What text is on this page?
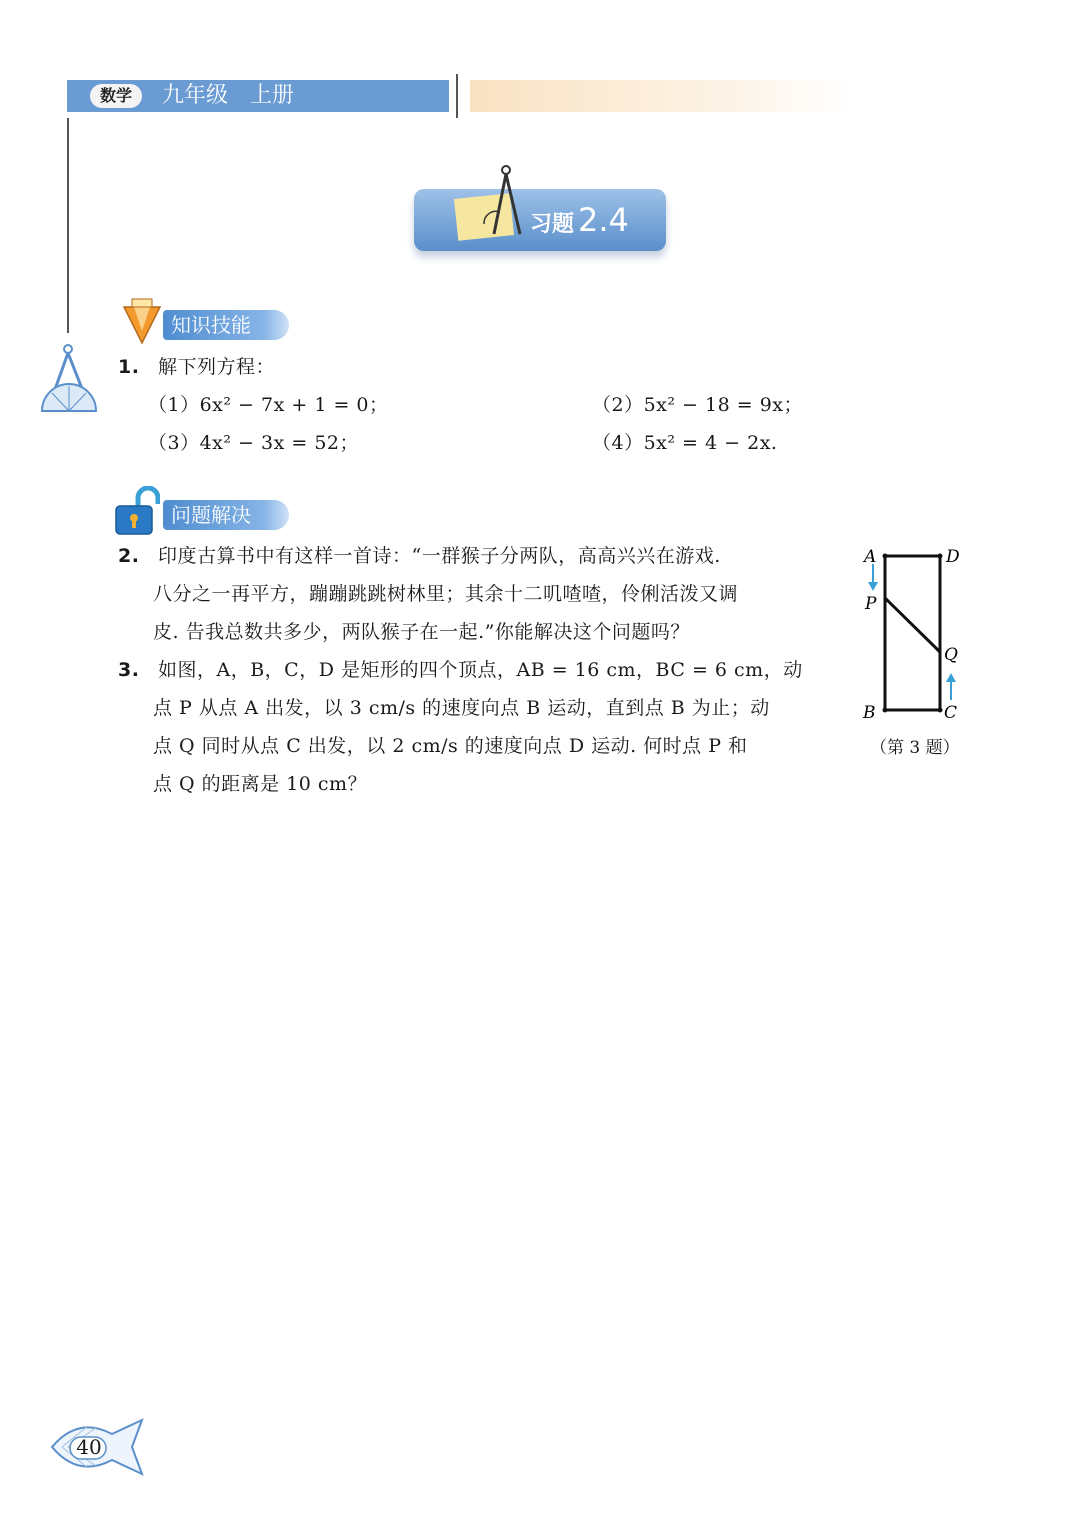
数学	九年级　上册
习题 2.4
知识技能
1. 解下列方程：
（1）6x² − 7x + 1 = 0；	（2）5x² − 18 = 9x；
（3）4x² − 3x = 52；	（4）5x² = 4 − 2x.
问题解决
2. 印度古算书中有这样一首诗：“一群猴子分两队，高高兴兴在游戏.
八分之一再平方，蹦蹦跳跳树林里；其余十二叽喳喳，伶俐活泼又调
皮. 告我总数共多少，两队猴子在一起.”你能解决这个问题吗？
3. 如图，A，B，C，D 是矩形的四个顶点，AB = 16 cm，BC = 6 cm，动
点 P 从点 A 出发，以 3 cm/s 的速度向点 B 运动，直到点 B 为止；动
点 Q 同时从点 C 出发，以 2 cm/s 的速度向点 D 运动. 何时点 P 和
点 Q 的距离是 10 cm？
A	D
P
Q
B	C
（第 3 题）
40
